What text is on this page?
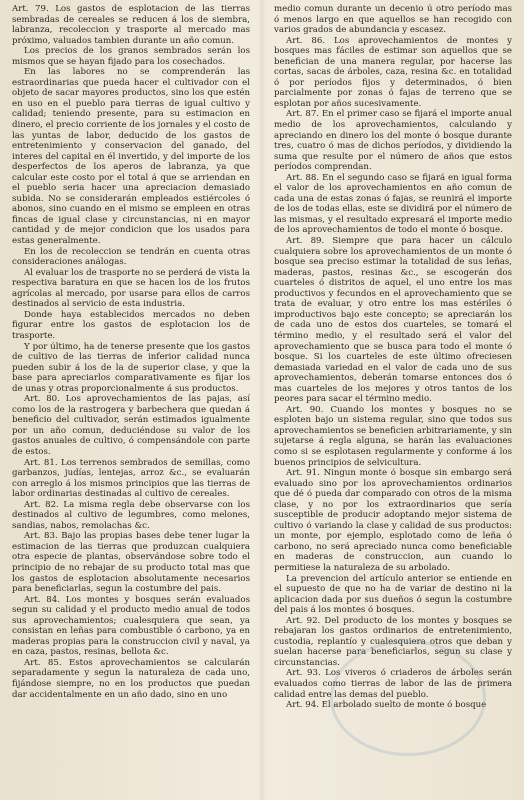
Art. 79. Los gastos de esplotacion de las tierras sembradas de cereales se reducen á los de siembra, labranza, recoleccion y trasporte al mercado mas próximo, valuados tambien durante un año comun.

Los precios de los granos sembrados serán los mismos que se hayan fijado para los cosechados.

En las labores no se comprenderán las estraordinarias que pueda hacer el cultivador con el objeto de sacar mayores productos, sino los que estén en uso en el pueblo para tierras de igual cultivo y calidad; teniendo presente, para su estimacion en dinero, el precio corriente de los jornales y el costo de las yuntas de labor, deducido de los gastos de entretenimiento y conservacion del ganado, del interes del capital en él invertido, y del importe de los desperfectos de los aperos de labranza, ya que calcular este costo por el total á que se arriendan en el pueblo seria hacer una apreciacion demasiado subida. No se considerarán empleados estiércoles ó abonos, sino cuando en el mismo se empleen en otras fincas de igual clase y circunstancias, ni en mayor cantidad y de mejor condicion que los usados para estas generalmente.

En los de recoleccion se tendrán en cuenta otras consideraciones análogas.

Al evaluar los de trasporte no se perderá de vista la respectiva baratura en que se hacen los de los frutos agrícolas al mercado, por usarse para ellos de carros destinados al servicio de esta industria.

Donde haya establecidos mercados no deben figurar entre los gastos de esplotacion los de trasporte.

Y por último, ha de tenerse presente que los gastos de cultivo de las tierras de inferior calidad nunca pueden subir á los de la de superior clase, y que la base para apreciarlos comparativamente es fijar los de unas y otras proporcionalmente á sus productos.

Art. 80. Los aprovechamientos de las pajas, así como los de la rastrogera y barbechera que quedan á beneficio del cultivador, serán estimados igualmente por un año comun, deduciéndose su valor de los gastos anuales de cultivo, ó compensándole con parte de estos.

Art. 81. Los terrenos sembrados de semillas, como garbanzos, judías, lentejas, arroz &c., se evaluarán con arreglo á los mismos principios que las tierras de labor ordinarias destinadas al cultivo de cereales.

Art. 82. La misma regla debe observarse con los destinados al cultivo de legumbres, como melones, sandias, nabos, remolachas &c.

Art. 83. Bajo las propias bases debe tener lugar la estimacion de las tierras que produzcan cualquiera otra especie de plantas, observándose sobre todo el principio de no rebajar de su producto total mas que los gastos de esplotacion absolutamente necesarios para beneficiarlas, segun la costumbre del pais.

Art. 84. Los montes y bosques serán evaluados segun su calidad y el producto medio anual de todos sus aprovechamientos; cualesquiera que sean, ya consistan en leñas para combustible ó carbono, ya en maderas propias para la construccion civil y naval, ya en caza, pastos, resinas, bellota &c.

Art. 85. Estos aprovechamientos se calcularán separadamente y segun la naturaleza de cada uno, fijándose siempre, no en los productos que puedan dar accidentalmente en un año dado, sino en uno

medio comun durante un decenio ú otro período mas ó menos largo en que aquellos se han recogido con varios grados de abundancia y escasez.

Art. 86. Los aprovechamientos de montes y bosques mas fáciles de estimar son aquellos que se benefician de una manera regular, por hacerse las cortas, sacas de árboles, caza, resina &c. en totalidad ó por períodos fijos y determinados, ó bien parcialmente por zonas ó fajas de terreno que se esplotan por años sucesivamente.

Art. 87. En el primer caso se fijará el importe anual medio de los aprovechamientos, calculando y apreciando en dinero los del monte ó bosque durante tres, cuatro ó mas de dichos períodos, y dividiendo la suma que resulte por el número de años que estos períodos comprendan.

Art. 88. En el segundo caso se fijará en igual forma el valor de los aprovechamientos en año comun de cada una de estas zonas ó fajas, se reunirá el importe de los de todas ellas, este se dividirá por el número de las mismas, y el resultado expresará el importe medio de los aprovechamientos de todo el monte ó bosque.

Art. 89. Siempre que para hacer un cálculo cualquiera sobre los aprovechamientos de un monte ó bosque sea preciso estimar la totalidad de sus leñas, maderas, pastos, resinas &c., se escogerán dos cuarteles ó distritos de aquel, el uno entre los mas productivos y fecundos en el aprovechamiento que se trata de evaluar, y otro entre los mas estériles ó improductivos bajo este concepto; se apreciarán los de cada uno de estos dos cuarteles, se tomará el término medio, y el resultado será el valor del aprovechamiento que se busca para todo el monte ó bosque. Si los cuarteles de este último ofreciesen demasiada variedad en el valor de cada uno de sus aprovechamientos, deberán tomarse entonces dos ó mas cuarteles de los mejores y otros tantos de los peores para sacar el término medio.

Art. 90. Cuando los montes y bosques no se esploten bajo un sistema regular, sino que todos sus aprovechamientos se beneficien arbitrariamente, y sin sujetarse á regla alguna, se harán las evaluaciones como si se esplotasen regularmente y conforme á los buenos principios de selvicultura.

Art. 91. Ningun monte ó bosque sin embargo será evaluado sino por los aprovechamientos ordinarios que dé ó pueda dar comparado con otros de la misma clase, y no por los extraordinarios que sería susceptible de producir adoptando mejor sistema de cultivo ó variando la clase y calidad de sus productos: un monte, por ejemplo, esplotado como de leña ó carbono, no será apreciado nunca como beneficiable en maderas de construccion, aun cuando lo permitiese la naturaleza de su arbolado.

La prevencion del artículo anterior se entiende en el supuesto de que no ha de variar de destino ni la aplicacion dada por sus dueños ó segun la costumbre del pais á los montes ó bosques.

Art. 92. Del producto de los montes y bosques se rebajaran los gastos ordinarios de entretenimiento, custodia, replantío y cualesquiera otros que deban y suelan hacerse para beneficiarlos, segun su clase y circunstancias.

Art. 93. Los viveros ó criaderos de árboles serán evaluados como tierras de labor de las de primera calidad entre las demas del pueblo.

Art. 94. El arbolado suelto de monte ó bosque
